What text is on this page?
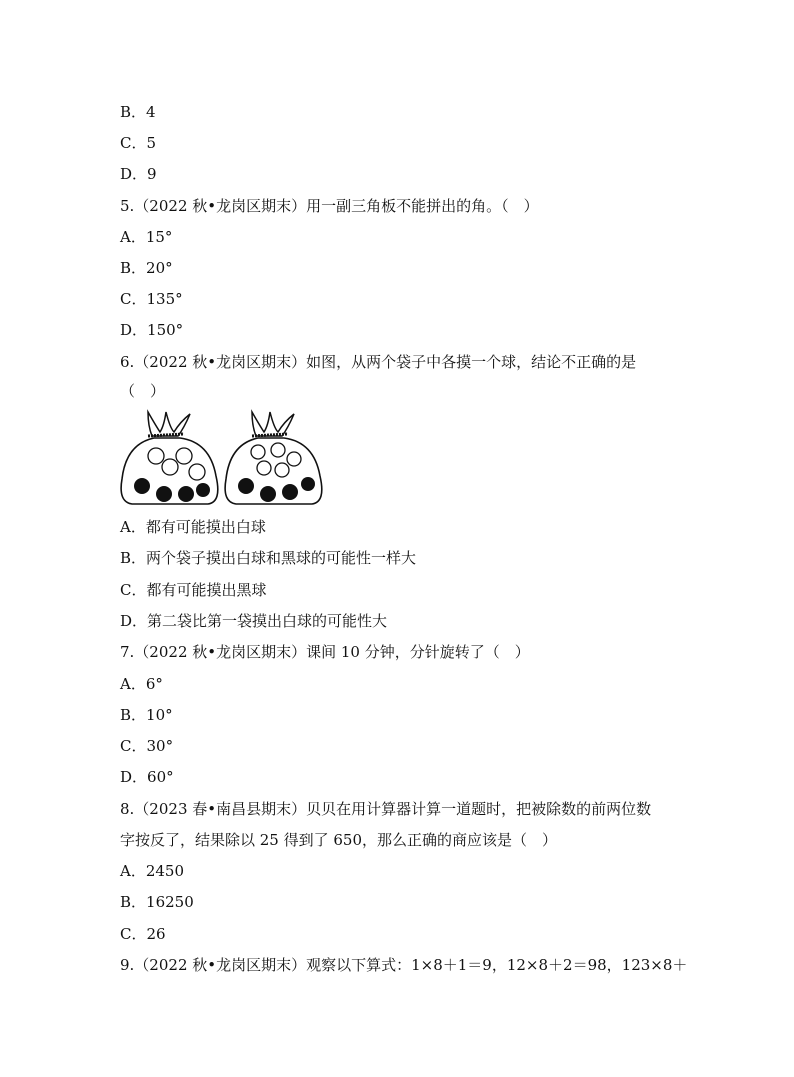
B．4
C．5
D．9
5.（2022 秋•龙岗区期末）用一副三角板不能拼出的角。（　）
A．15°
B．20°
C．135°
D．150°
6.（2022 秋•龙岗区期末）如图，从两个袋子中各摸一个球，结论不正确的是
（　）
A．都有可能摸出白球
B．两个袋子摸出白球和黑球的可能性一样大
C．都有可能摸出黑球
D．第二袋比第一袋摸出白球的可能性大
7.（2022 秋•龙岗区期末）课间 10 分钟，分针旋转了（　）
A．6°
B．10°
C．30°
D．60°
8.（2023 春•南昌县期末）贝贝在用计算器计算一道题时，把被除数的前两位数
字按反了，结果除以 25 得到了 650，那么正确的商应该是（　）
A．2450
B．16250
C．26
9.（2022 秋•龙岗区期末）观察以下算式：1×8＋1＝9，12×8＋2＝98，123×8＋
